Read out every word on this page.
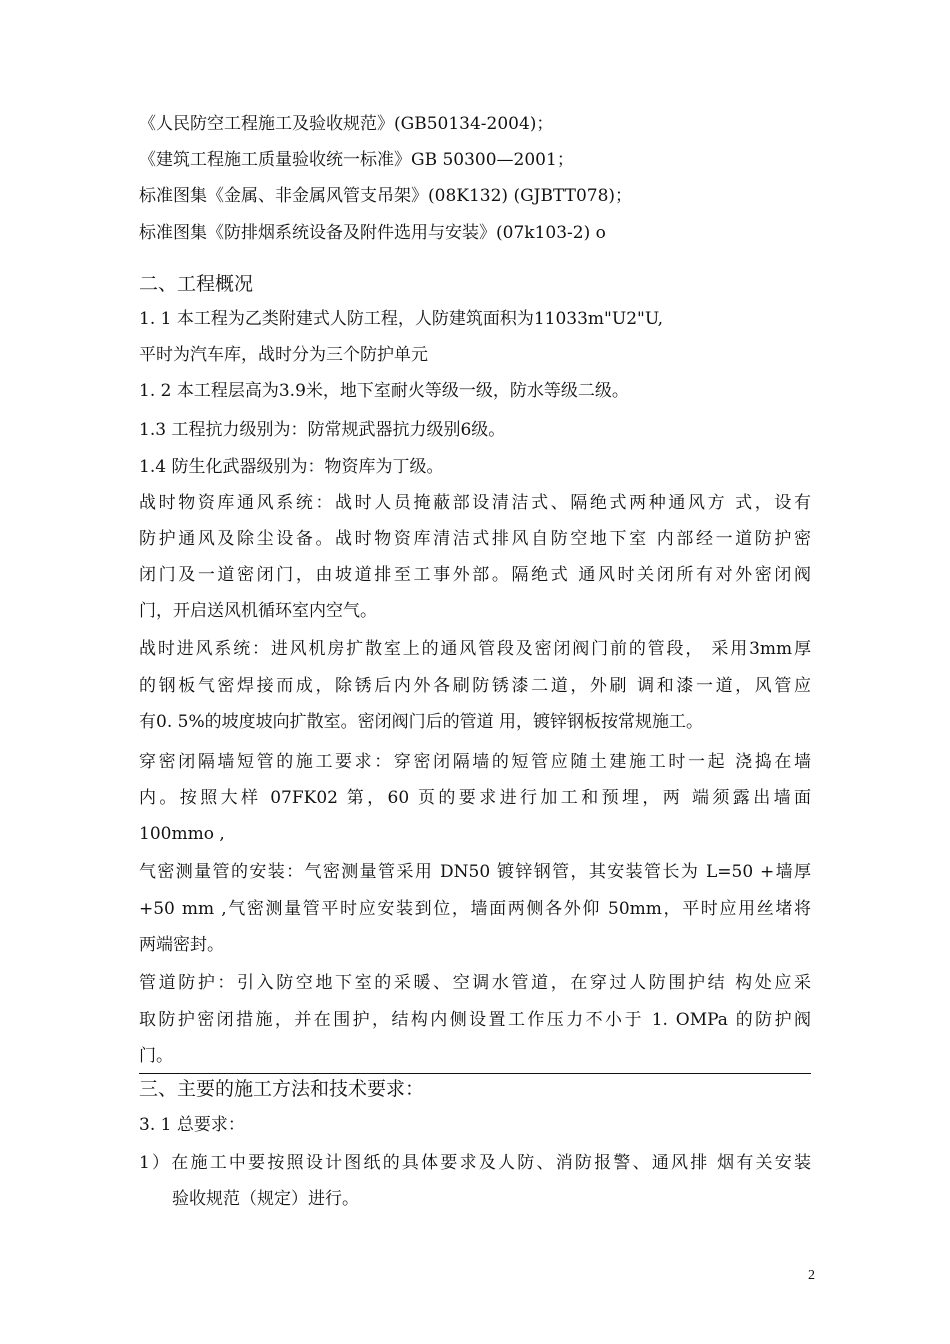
《人民防空工程施工及验收规范》(GB50134-2004)；
《建筑工程施工质量验收统一标准》GB 50300—2001；
标准图集《金属、非金属风管支吊架》(08K132) (GJBTT078)；
标准图集《防排烟系统设备及附件选用与安装》(07k103-2) o
二、工程概况
1. 1 本工程为乙类附建式人防工程，人防建筑面积为11033m"U2"U,
平时为汽车库，战时分为三个防护单元
1. 2 本工程层高为3.9米，地下室耐火等级一级，防水等级二级。
1.3 工程抗力级别为：防常规武器抗力级别6级。
1.4 防生化武器级别为：物资库为丁级。
战时物资库通风系统：战时人员掩蔽部设清洁式、隔绝式两种通风方 式，设有
防护通风及除尘设备。战时物资库清洁式排风自防空地下室 内部经一道防护密
闭门及一道密闭门，由坡道排至工事外部。隔绝式 通风时关闭所有对外密闭阀
门，开启送风机循环室内空气。
战时进风系统：进风机房扩散室上的通风管段及密闭阀门前的管段， 采用3mm厚
的钢板气密焊接而成，除锈后内外各刷防锈漆二道，外刷 调和漆一道，风管应
有0. 5%的坡度坡向扩散室。密闭阀门后的管道 用，镀锌钢板按常规施工。
穿密闭隔墙短管的施工要求：穿密闭隔墙的短管应随土建施工时一起 浇捣在墙
内。按照大样 07FK02 第，60 页的要求进行加工和预埋，两 端须露出墙面
100mmo ,
气密测量管的安装：气密测量管采用 DN50 镀锌钢管，其安装管长为 L=50 +墙厚
+50 mm ,气密测量管平时应安装到位，墙面两侧各外仰 50mm，平时应用丝堵将
两端密封。
管道防护：引入防空地下室的采暖、空调水管道，在穿过人防围护结 构处应采
取防护密闭措施，并在围护，结构内侧设置工作压力不小于 1. OMPa 的防护阀
门。
三、主要的施工方法和技术要求：
3. 1 总要求：
1）在施工中要按照设计图纸的具体要求及人防、消防报警、通风排 烟有关安装
验收规范（规定）进行。
2
